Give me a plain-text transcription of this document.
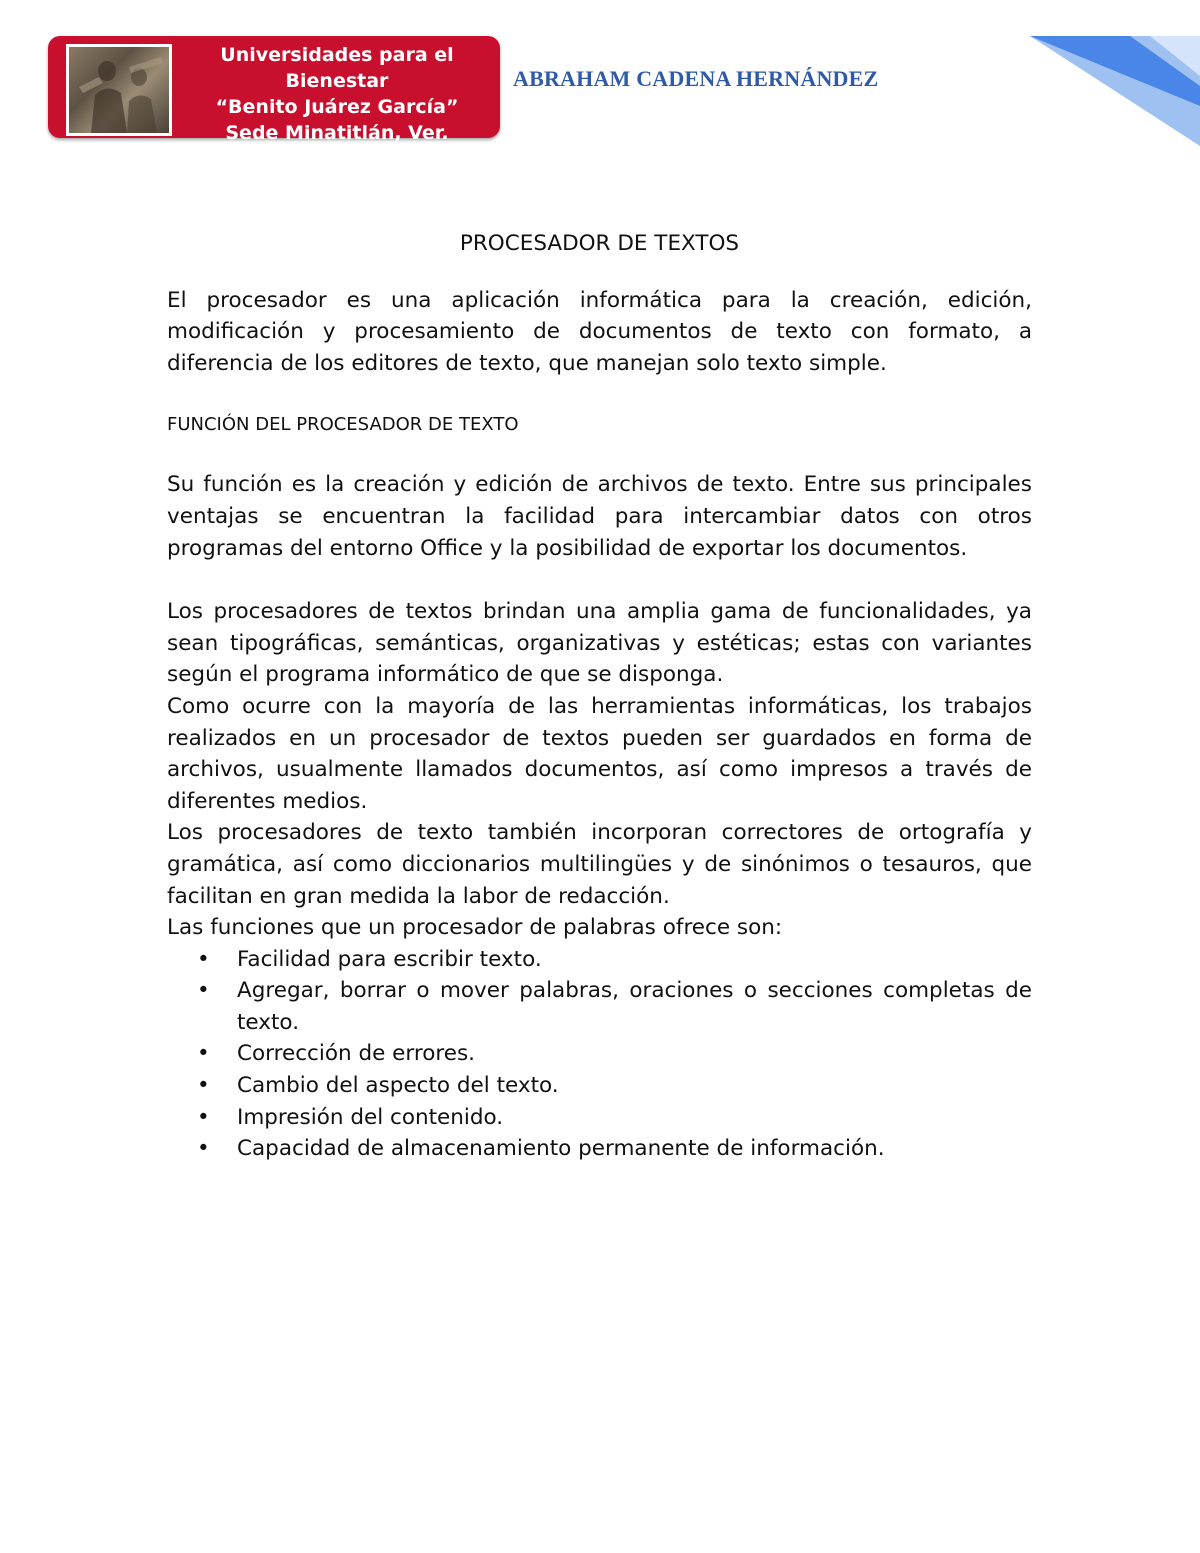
Universidades para el Bienestar
“Benito Juárez García”
Sede Minatitlán, Ver.
Clave SEP: DGF -574308
ABRAHAM CADENA HERNÁNDEZ
PROCESADOR DE TEXTOS

El procesador es una aplicación informática para la creación, edición, modificación y procesamiento de documentos de texto con formato, a diferencia de los editores de texto, que manejan solo texto simple.

FUNCIÓN DEL PROCESADOR DE TEXTO

Su función es la creación y edición de archivos de texto. Entre sus principales ventajas se encuentran la facilidad para intercambiar datos con otros programas del entorno Office y la posibilidad de exportar los documentos.

Los procesadores de textos brindan una amplia gama de funcionalidades, ya sean tipográficas, semánticas, organizativas y estéticas; estas con variantes según el programa informático de que se disponga.

Como ocurre con la mayoría de las herramientas informáticas, los trabajos realizados en un procesador de textos pueden ser guardados en forma de archivos, usualmente llamados documentos, así como impresos a través de diferentes medios.

Los procesadores de texto también incorporan correctores de ortografía y gramática, así como diccionarios multilingües y de sinónimos o tesauros, que facilitan en gran medida la labor de redacción.

Las funciones que un procesador de palabras ofrece son:

• Facilidad para escribir texto.
• Agregar, borrar o mover palabras, oraciones o secciones completas de texto.
• Corrección de errores.
• Cambio del aspecto del texto.
• Impresión del contenido.
• Capacidad de almacenamiento permanente de información.
